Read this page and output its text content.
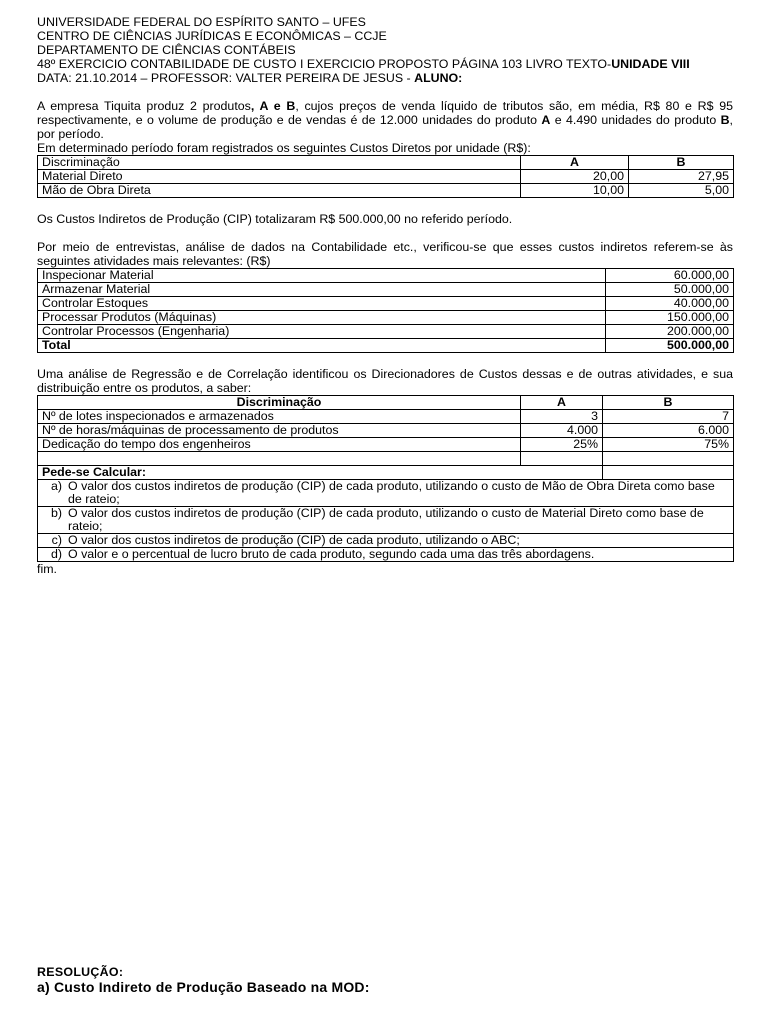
UNIVERSIDADE FEDERAL DO ESPÍRITO SANTO – UFES
CENTRO DE CIÊNCIAS JURÍDICAS E ECONÔMICAS – CCJE
DEPARTAMENTO DE CIÊNCIAS CONTÁBEIS
48º EXERCICIO CONTABILIDADE DE CUSTO I EXERCICIO PROPOSTO PÁGINA 103 LIVRO TEXTO-UNIDADE VIII
DATA: 21.10.2014 – PROFESSOR: VALTER PEREIRA DE JESUS - ALUNO:

A empresa Tiquita produz 2 produtos, A e B, cujos preços de venda líquido de tributos são, em média, R$ 80 e R$ 95 respectivamente, e o volume de produção e de vendas é de 12.000 unidades do produto A e 4.490 unidades do produto B, por período.

Em determinado período foram registrados os seguintes Custos Diretos por unidade (R$):

Discriminação	A	B
Material Direto	20,00	27,95
Mão de Obra Direta	10,00	5,00

Os Custos Indiretos de Produção (CIP) totalizaram R$ 500.000,00 no referido período.

Por meio de entrevistas, análise de dados na Contabilidade etc., verificou-se que esses custos indiretos referem-se às seguintes atividades mais relevantes: (R$)

Inspecionar Material	60.000,00
Armazenar Material	50.000,00
Controlar Estoques	40.000,00
Processar Produtos (Máquinas)	150.000,00
Controlar Processos (Engenharia)	200.000,00
Total	500.000,00

Uma análise de Regressão e de Correlação identificou os Direcionadores de Custos dessas e de outras atividades, e sua distribuição entre os produtos, a saber:

Discriminação	A	B
Nº de lotes inspecionados e armazenados	3	7
Nº de horas/máquinas de processamento de produtos	4.000	6.000
Dedicação do tempo dos engenheiros	25%	75%

Pede-se Calcular:	

a) O valor dos custos indiretos de produção (CIP) de cada produto, utilizando o custo de Mão de Obra Direta como base de rateio;

b) O valor dos custos indiretos de produção (CIP) de cada produto, utilizando o custo de Material Direto como base de rateio;

c) O valor dos custos indiretos de produção (CIP) de cada produto, utilizando o ABC;

d) O valor e o percentual de lucro bruto de cada produto, segundo cada uma das três abordagens.
fim.
RESOLUÇÃO:
a) Custo Indireto de Produção Baseado na MOD:
